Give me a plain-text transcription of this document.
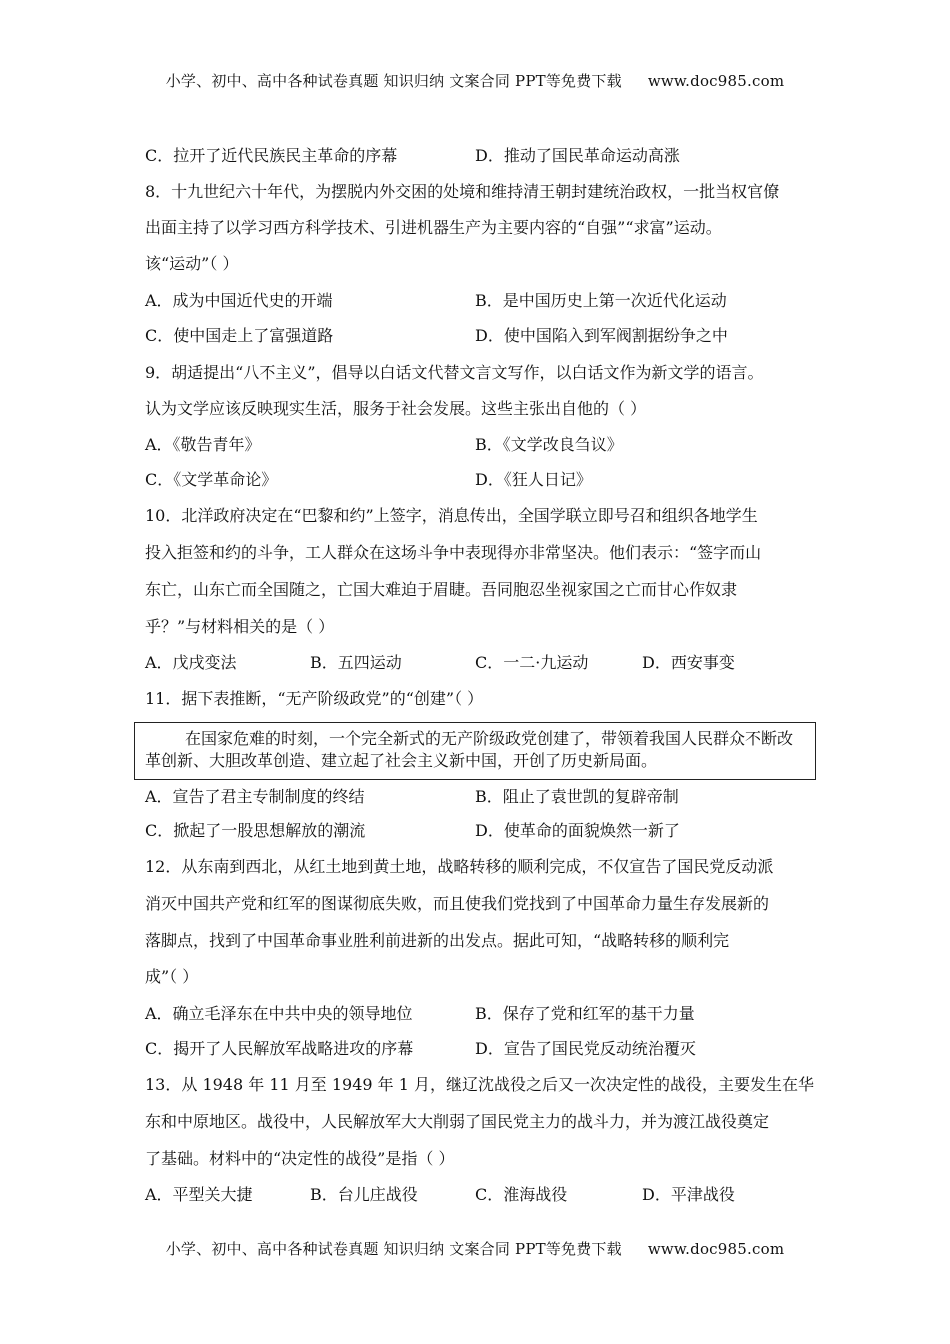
小学、初中、高中各种试卷真题 知识归纳 文案合同 PPT等免费下载 www.doc985.com
C．拉开了近代民族民主革命的序幕	D．推动了国民革命运动高涨
8．十九世纪六十年代，为摆脱内外交困的处境和维持清王朝封建统治政权，一批当权官僚
出面主持了以学习西方科学技术、引进机器生产为主要内容的“自强”“求富”运动。
该“运动”（ ）
A．成为中国近代史的开端	B．是中国历史上第一次近代化运动
C．使中国走上了富强道路	D．使中国陷入到军阀割据纷争之中
9．胡适提出“八不主义”，倡导以白话文代替文言文写作，以白话文作为新文学的语言。
认为文学应该反映现实生活，服务于社会发展。这些主张出自他的（ ）
A．《敬告青年》	B．《文学改良刍议》
C．《文学革命论》	D．《狂人日记》
10．北洋政府决定在“巴黎和约”上签字，消息传出，全国学联立即号召和组织各地学生
投入拒签和约的斗争，工人群众在这场斗争中表现得亦非常坚决。他们表示：“签字而山
东亡，山东亡而全国随之，亡国大难迫于眉睫。吾同胞忍坐视家国之亡而甘心作奴隶
乎？”与材料相关的是（ ）
A．戊戌变法	B．五四运动	C．一二·九运动	D．西安事变
11．据下表推断，“无产阶级政党”的“创建”（ ）

在国家危难的时刻，一个完全新式的无产阶级政党创建了，带领着我国人民群众不断改革创新、大胆改革创造、建立起了社会主义新中国，开创了历史新局面。

A．宣告了君主专制制度的终结	B．阻止了袁世凯的复辟帝制
C．掀起了一股思想解放的潮流	D．使革命的面貌焕然一新了
12．从东南到西北，从红土地到黄土地，战略转移的顺利完成，不仅宣告了国民党反动派
消灭中国共产党和红军的图谋彻底失败，而且使我们党找到了中国革命力量生存发展新的
落脚点，找到了中国革命事业胜利前进新的出发点。据此可知，“战略转移的顺利完
成”（ ）
A．确立毛泽东在中共中央的领导地位	B．保存了党和红军的基干力量
C．揭开了人民解放军战略进攻的序幕	D．宣告了国民党反动统治覆灭
13．从 1948 年 11 月至 1949 年 1 月，继辽沈战役之后又一次决定性的战役，主要发生在华
东和中原地区。战役中，人民解放军大大削弱了国民党主力的战斗力，并为渡江战役奠定
了基础。材料中的“决定性的战役”是指（ ）
A．平型关大捷	B．台儿庄战役	C．淮海战役	D．平津战役
小学、初中、高中各种试卷真题 知识归纳 文案合同 PPT等免费下载 www.doc985.com
